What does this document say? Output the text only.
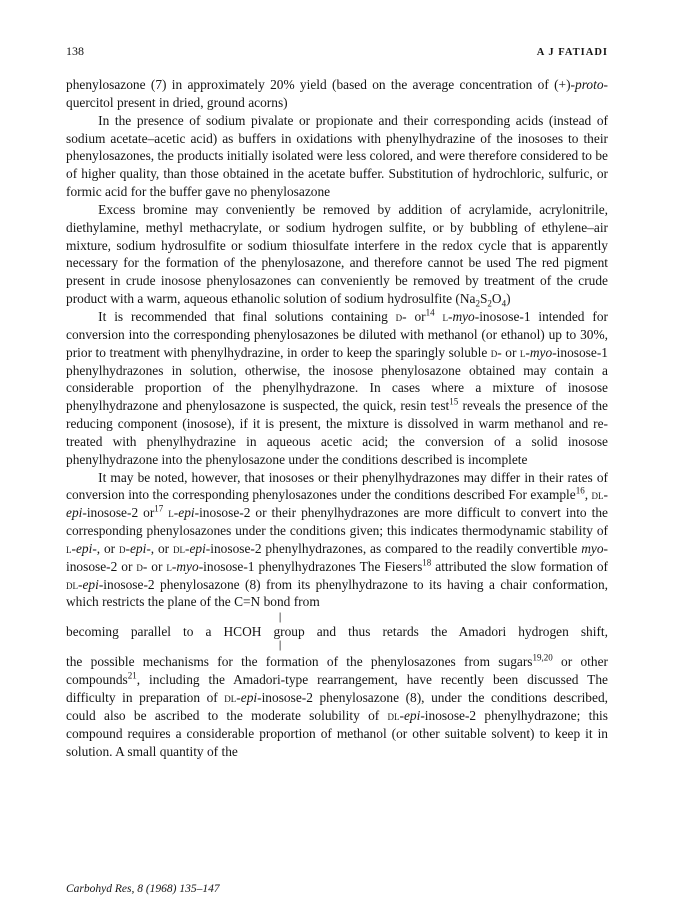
138	A J FATIADI

phenylosazone (7) in approximately 20% yield (based on the average concentration of (+)-proto-quercitol present in dried, ground acorns)

In the presence of sodium pivalate or propionate and their corresponding acids (instead of sodium acetate–acetic acid) as buffers in oxidations with phenylhydrazine of the inososes to their phenylosazones, the products initially isolated were less colored, and were therefore considered to be of higher quality, than those obtained in the acetate buffer. Substitution of hydrochloric, sulfuric, or formic acid for the buffer gave no phenylosazone

Excess bromine may conveniently be removed by addition of acrylamide, acrylonitrile, diethylamine, methyl methacrylate, or sodium hydrogen sulfite, or by bubbling of ethylene–air mixture, sodium hydrosulfite or sodium thiosulfate interfere in the redox cycle that is apparently necessary for the formation of the phenylosazone, and therefore cannot be used The red pigment present in crude inosose phenylosazones can conveniently be removed by treatment of the crude product with a warm, aqueous ethanolic solution of sodium hydrosulfite $(Na_2S_2O_4)$

It is recommended that final solutions containing d- $or^{14}$ l-myo-inosose-1 intended for conversion into the corresponding phenylosazones be diluted with methanol (or ethanol) up to 30%, prior to treatment with phenylhydrazine, in order to keep the sparingly soluble d- or l-myo-inosose-1 phenylhydrazones in solution, otherwise, the inosose phenylosazone obtained may contain a considerable proportion of the phenylhydrazone. In cases where a mixture of inosose phenylhydrazone and phenylosazone is suspected, the quick, resin test$^{15}$ reveals the presence of the reducing component (inosose), if it is present, the mixture is dissolved in warm methanol and re-treated with phenylhydrazine in aqueous acetic acid; the conversion of a solid inosose phenylhydrazone into the phenylosazone under the conditions described is incomplete

It may be noted, however, that inososes or their phenylhydrazones may differ in their rates of conversion into the corresponding phenylosazones under the conditions described For example$^{16}$, dl-epi-inosose-2 $or^{17}$ l-epi-inosose-2 or their phenylhydrazones are more difficult to convert into the corresponding phenylosazones under the conditions given; this indicates thermodynamic stability of l-epi-, or d-epi-, or dl-epi-inosose-2 phenylhydrazones, as compared to the readily convertible myo-inosose-2 or d- or l-myo-inosose-1 phenylhydrazones The Fiesers$^{18}$ attributed the slow formation of dl-epi-inosose-2 phenylosazone (8) from its phenylhydrazone to its having a chair conformation, which restricts the plane of the C=N bond from

|
becoming parallel to a HCOH group and thus retards the Amadori hydrogen shift,
|

the possible mechanisms for the formation of the phenylosazones from sugars$^{19,20}$ or other compounds$^{21}$, including the Amadori-type rearrangement, have recently been discussed The difficulty in preparation of dl-epi-inosose-2 phenylosazone (8), under the conditions described, could also be ascribed to the moderate solubility of dl-epi-inosose-2 phenylhydrazone; this compound requires a considerable proportion of methanol (or other suitable solvent) to keep it in solution. A small quantity of the

Carbohyd Res, 8 (1968) 135–147
